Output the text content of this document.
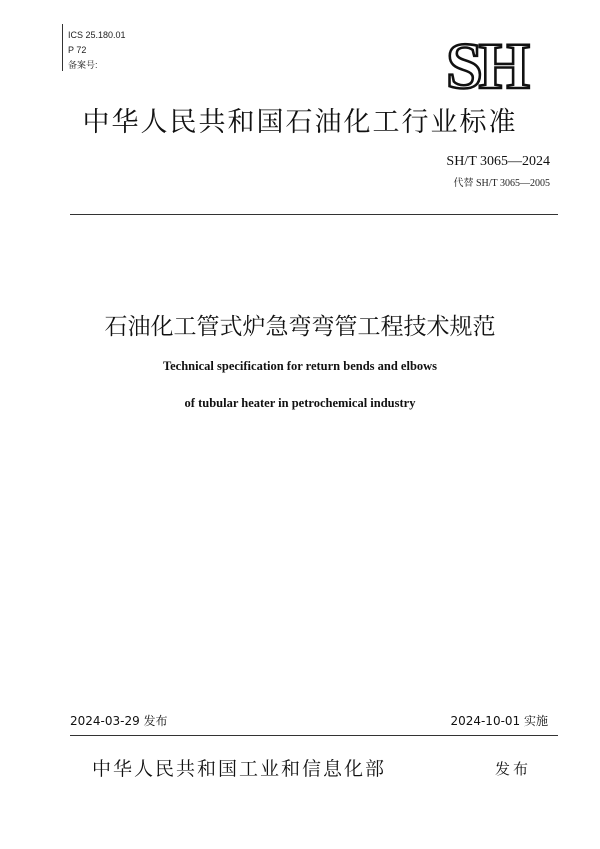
ICS 25.180.01
P 72
备案号:	SH
中华人民共和国石油化工行业标准
SH/T 3065—2024
代替 SH/T 3065—2005
石油化工管式炉急弯弯管工程技术规范
Technical specification for return bends and elbows
of tubular heater in petrochemical industry
2024-03-29 发布	2024-10-01 实施
中华人民共和国工业和信息化部	发布
